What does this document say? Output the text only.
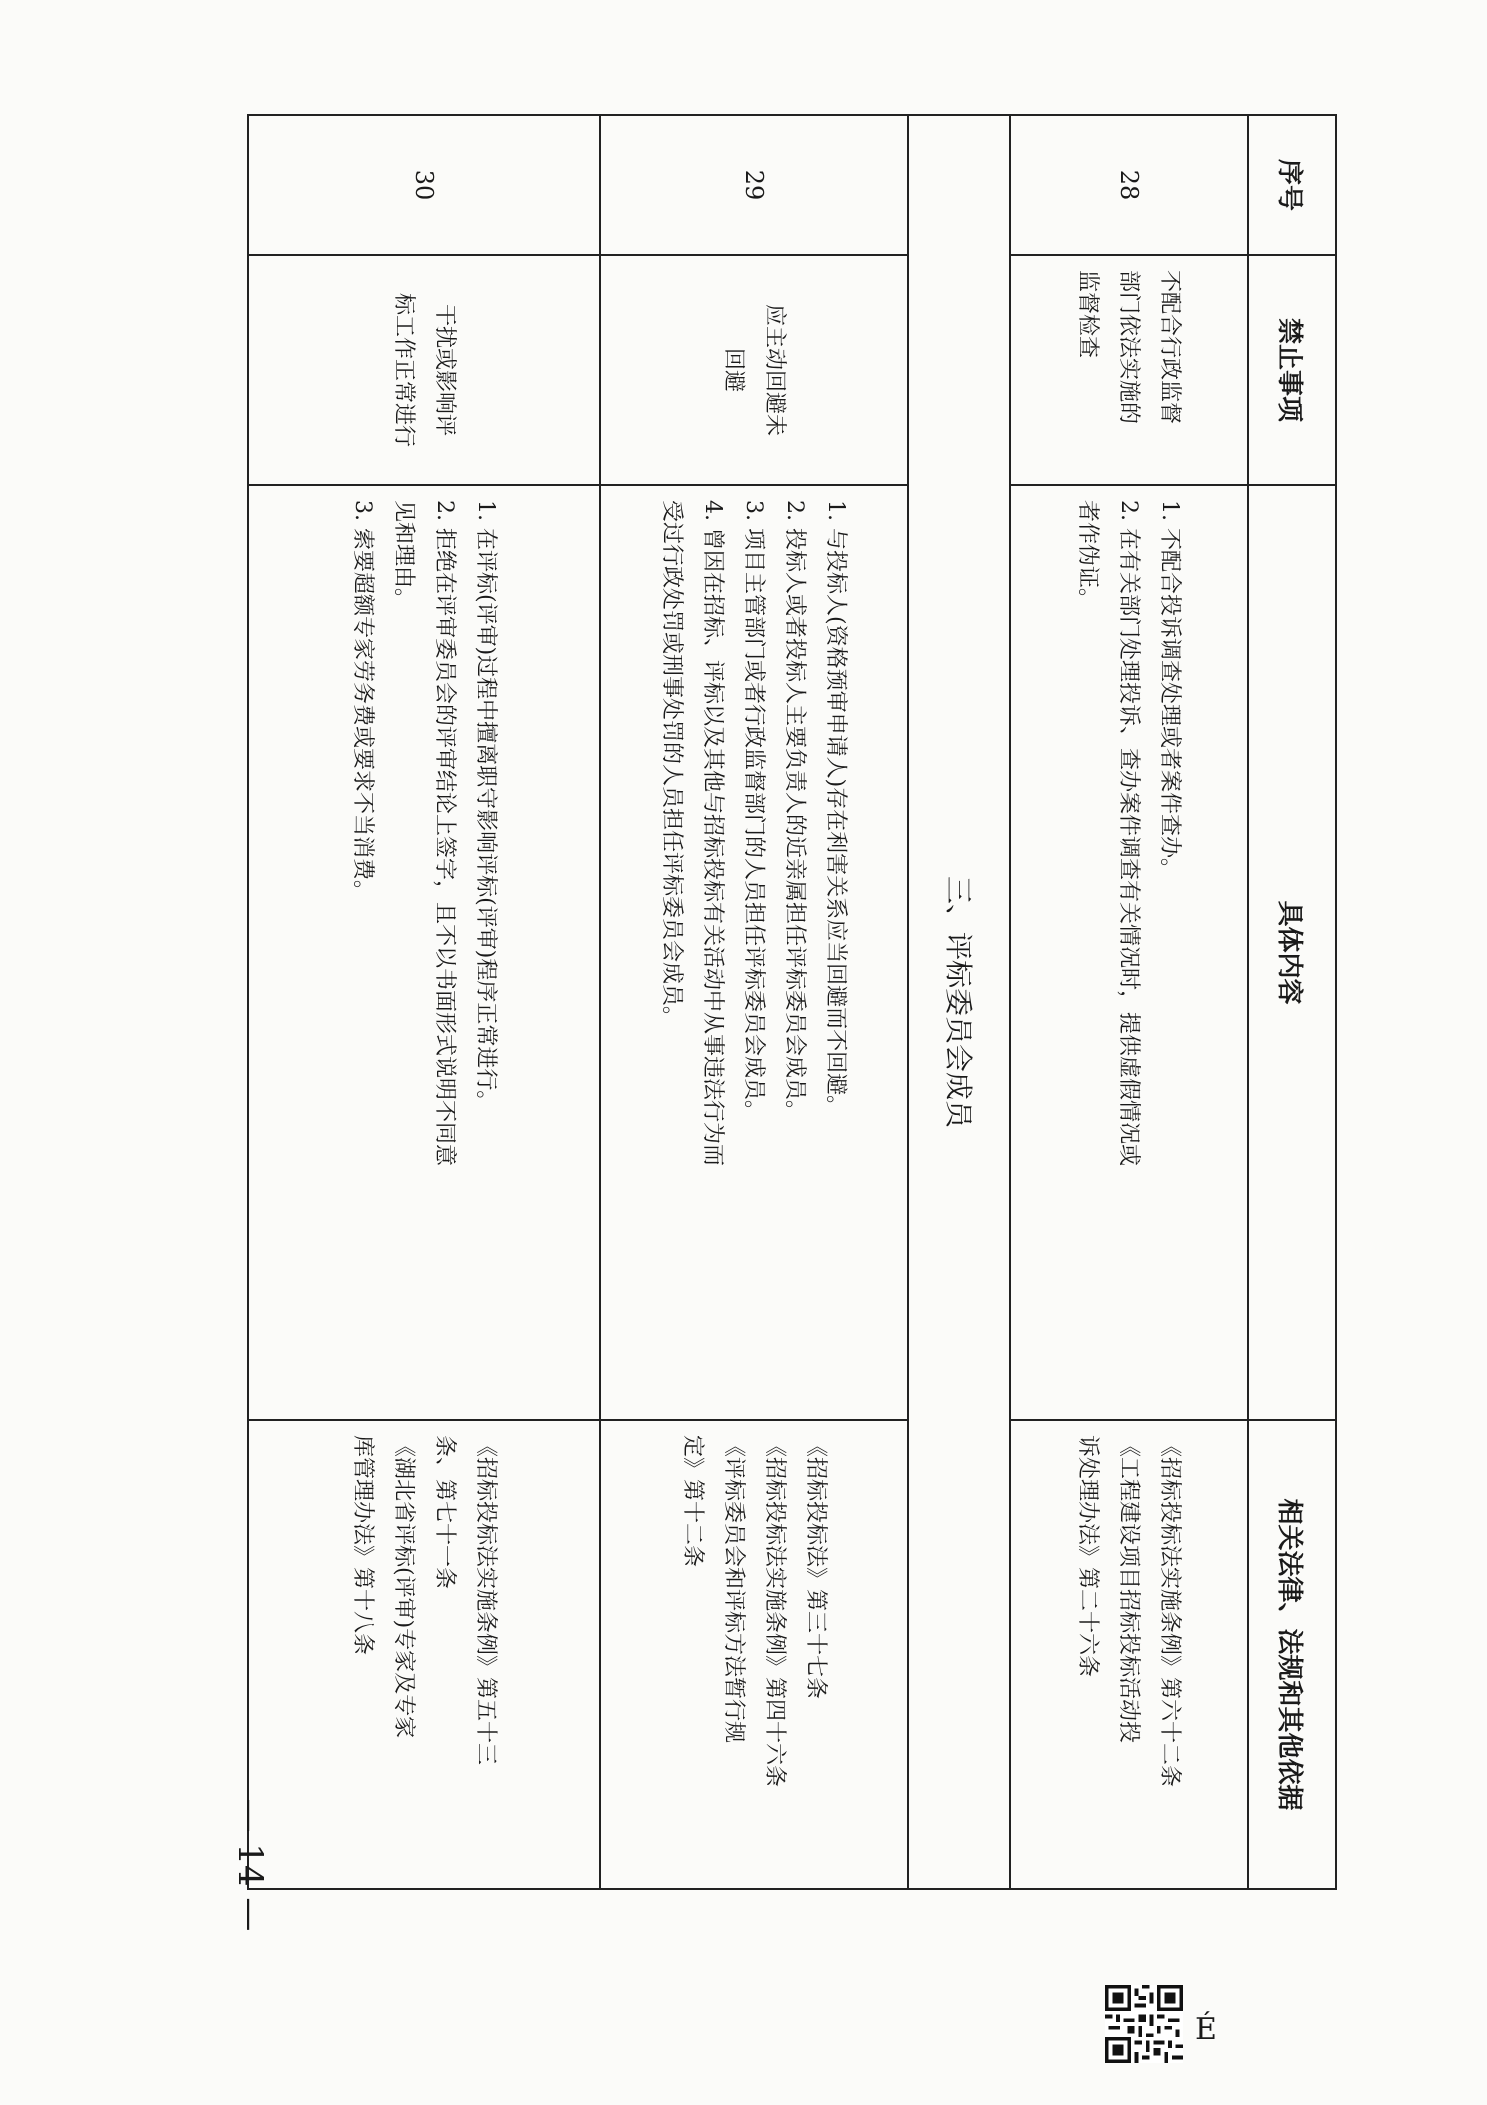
序号	禁止事项	具体内容	相关法律、法规和其他依据
28	不配合行政监督
部门依法实施的
监督检查	1. 不配合投诉调查处理或者案件查办。
2. 在有关部门处理投诉、查办案件调查有关情况时，提供虚假情况或
者作伪证。	《招标投标法实施条例》第六十二条
《工程建设项目招标投标活动投
诉处理办法》第二十六条

三、评标委员会成员			
29	应主动回避未
回避	1. 与投标人(资格预审申请人)存在利害关系应当回避而不回避。
2. 投标人或者投标人主要负责人的近亲属担任评标委员会成员。
3. 项目主管部门或者行政监督部门的人员担任评标委员会成员。
4. 曾因在招标、评标以及其他与招标投标有关活动中从事违法行为而
受过行政处罚或刑事处罚的人员担任评标委员会成员。	《招标投标法》第三十七条
《招标投标法实施条例》第四十六条
《评标委员会和评标方法暂行规
定》第十二条

30	干扰或影响评
标工作正常进行	1. 在评标(评审)过程中擅离职守影响评标(评审)程序正常进行。
2. 拒绝在评审委员会的评审结论上签字，且不以书面形式说明不同意
见和理由。
3. 索要超额专家劳务费或要求不当消费。	《招标投标法实施条例》第五十三
条、第七十一条
《湖北省评标(评审)专家及专家
库管理办法》第十八条
— 14 —
É
